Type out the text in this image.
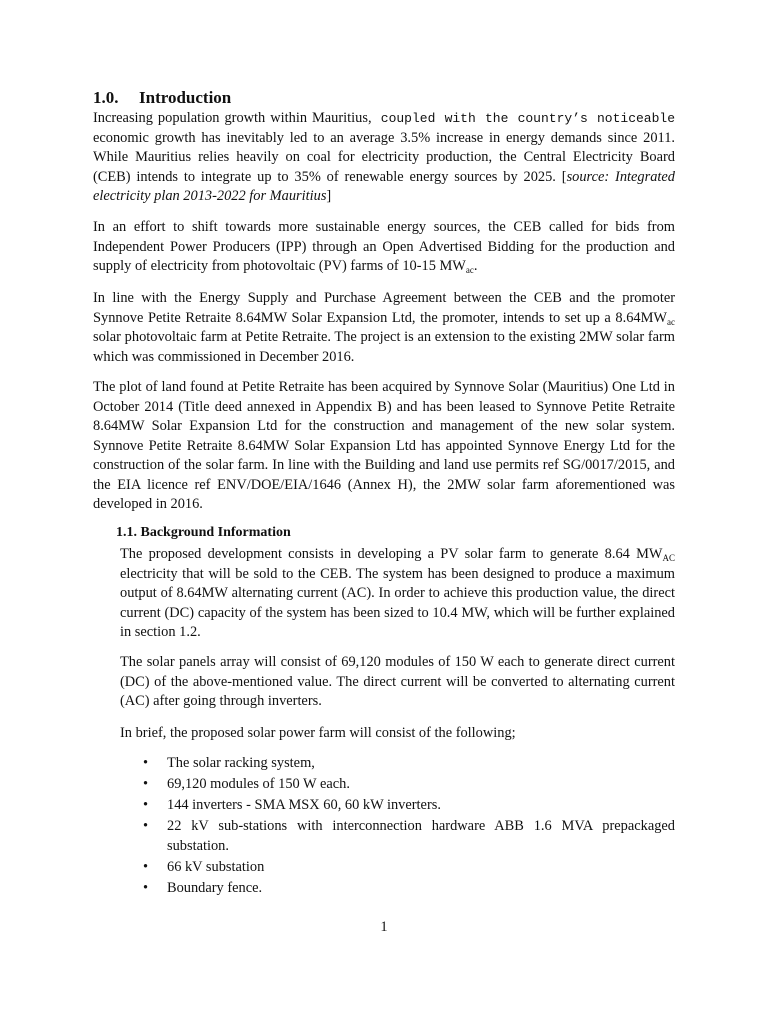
1.0. Introduction

Increasing population growth within Mauritius, coupled with the country’s noticeable economic growth has inevitably led to an average 3.5% increase in energy demands since 2011. While Mauritius relies heavily on coal for electricity production, the Central Electricity Board (CEB) intends to integrate up to 35% of renewable energy sources by 2025. [source: Integrated electricity plan 2013-2022 for Mauritius]

In an effort to shift towards more sustainable energy sources, the CEB called for bids from Independent Power Producers (IPP) through an Open Advertised Bidding for the production and supply of electricity from photovoltaic (PV) farms of 10-15 $MW_{ac}$.

In line with the Energy Supply and Purchase Agreement between the CEB and the promoter Synnove Petite Retraite 8.64MW Solar Expansion Ltd, the promoter, intends to set up a $8.64MW_{ac}$ solar photovoltaic farm at Petite Retraite. The project is an extension to the existing 2MW solar farm which was commissioned in December 2016.

The plot of land found at Petite Retraite has been acquired by Synnove Solar (Mauritius) One Ltd in October 2014 (Title deed annexed in Appendix B) and has been leased to Synnove Petite Retraite 8.64MW Solar Expansion Ltd for the construction and management of the new solar system. Synnove Petite Retraite 8.64MW Solar Expansion Ltd has appointed Synnove Energy Ltd for the construction of the solar farm. In line with the Building and land use permits ref SG/0017/2015, and the EIA licence ref ENV/DOE/EIA/1646 (Annex H), the 2MW solar farm aforementioned was developed in 2016.

1.1. Background Information

The proposed development consists in developing a PV solar farm to generate 8.64 $MW_{AC}$ electricity that will be sold to the CEB. The system has been designed to produce a maximum output of 8.64MW alternating current (AC). In order to achieve this production value, the direct current (DC) capacity of the system has been sized to 10.4 MW, which will be further explained in section 1.2.

The solar panels array will consist of 69,120 modules of 150 W each to generate direct current (DC) of the above-mentioned value. The direct current will be converted to alternating current (AC) after going through inverters.

In brief, the proposed solar power farm will consist of the following;

• The solar racking system,
• 69,120 modules of 150 W each.
• 144 inverters - SMA MSX 60, 60 kW inverters.
• 22 kV sub-stations with interconnection hardware ABB 1.6 MVA prepackaged substation.
• 66 kV substation
• Boundary fence.
1
